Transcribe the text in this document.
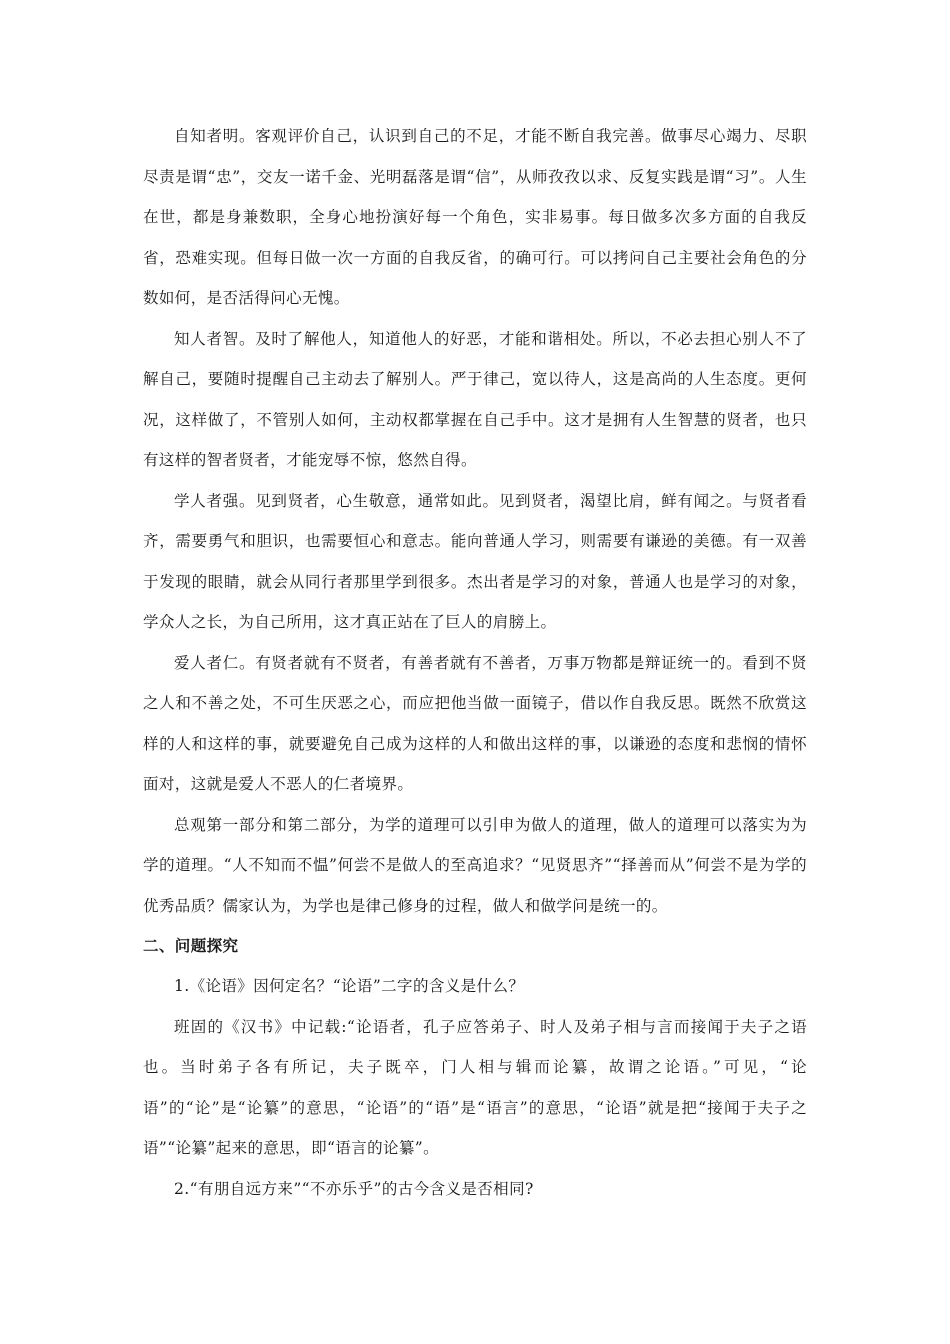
自知者明。客观评价自己，认识到自己的不足，才能不断自我完善。做事尽心竭力、尽职尽责是谓“忠”，交友一诺千金、光明磊落是谓“信”，从师孜孜以求、反复实践是谓“习”。人生在世，都是身兼数职，全身心地扮演好每一个角色，实非易事。每日做多次多方面的自我反省，恐难实现。但每日做一次一方面的自我反省，的确可行。可以拷问自己主要社会角色的分数如何，是否活得问心无愧。

知人者智。及时了解他人，知道他人的好恶，才能和谐相处。所以，不必去担心别人不了解自己，要随时提醒自己主动去了解别人。严于律己，宽以待人，这是高尚的人生态度。更何况，这样做了，不管别人如何，主动权都掌握在自己手中。这才是拥有人生智慧的贤者，也只有这样的智者贤者，才能宠辱不惊，悠然自得。

学人者强。见到贤者，心生敬意，通常如此。见到贤者，渴望比肩，鲜有闻之。与贤者看齐，需要勇气和胆识，也需要恒心和意志。能向普通人学习，则需要有谦逊的美德。有一双善于发现的眼睛，就会从同行者那里学到很多。杰出者是学习的对象，普通人也是学习的对象，学众人之长，为自己所用，这才真正站在了巨人的肩膀上。

爱人者仁。有贤者就有不贤者，有善者就有不善者，万事万物都是辩证统一的。看到不贤之人和不善之处，不可生厌恶之心，而应把他当做一面镜子，借以作自我反思。既然不欣赏这样的人和这样的事，就要避免自己成为这样的人和做出这样的事，以谦逊的态度和悲悯的情怀面对，这就是爱人不恶人的仁者境界。

总观第一部分和第二部分，为学的道理可以引申为做人的道理，做人的道理可以落实为为学的道理。“人不知而不愠”何尝不是做人的至高追求？“见贤思齐”“择善而从”何尝不是为学的优秀品质？儒家认为，为学也是律己修身的过程，做人和做学问是统一的。

二、问题探究

1.《论语》因何定名？“论语”二字的含义是什么？

班固的《汉书》中记载:“论语者，孔子应答弟子、时人及弟子相与言而接闻于夫子之语也。当时弟子各有所记，夫子既卒，门人相与辑而论纂，故谓之论语。”可见，“论语”的“论”是“论纂”的意思，“论语”的“语”是“语言”的意思，“论语”就是把“接闻于夫子之语”“论纂”起来的意思，即“语言的论纂”。

2.“有朋自远方来”“不亦乐乎”的古今含义是否相同?
